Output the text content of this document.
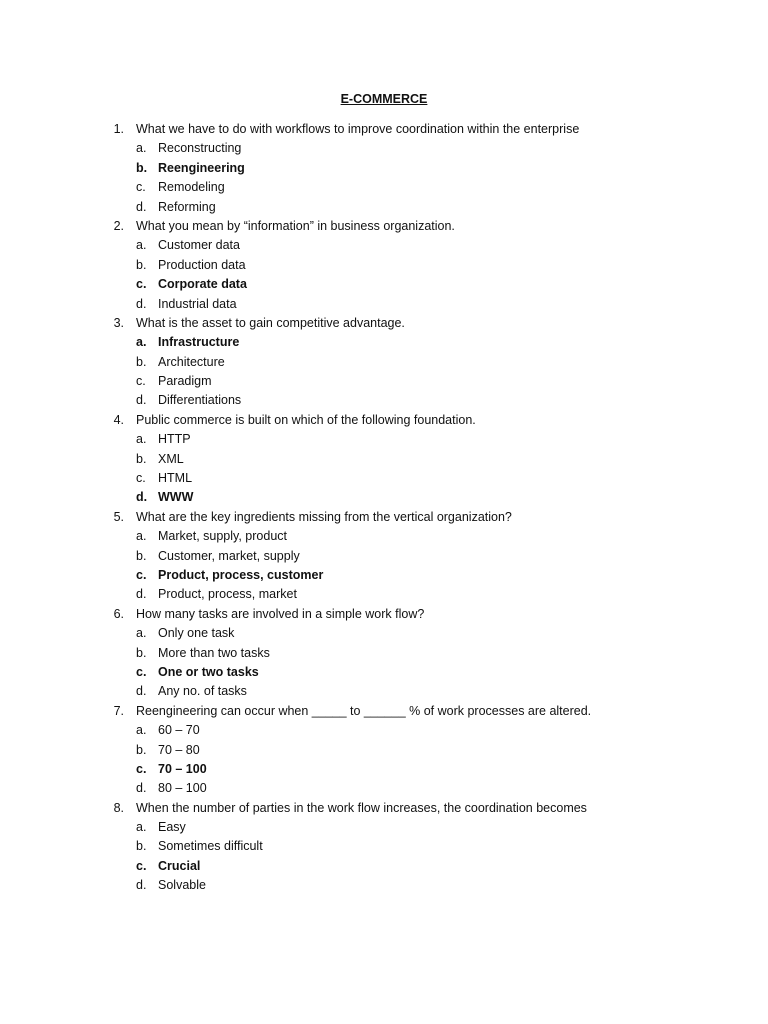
E-COMMERCE
1. What we have to do with workflows to improve coordination within the enterprise
a. Reconstructing
b. Reengineering
c. Remodeling
d. Reforming
2. What you mean by “information” in business organization.
a. Customer data
b. Production data
c. Corporate data
d. Industrial data
3. What is the asset to gain competitive advantage.
a. Infrastructure
b. Architecture
c. Paradigm
d. Differentiations
4. Public commerce is built on which of the following foundation.
a. HTTP
b. XML
c. HTML
d. WWW
5. What are the key ingredients missing from the vertical organization?
a. Market, supply, product
b. Customer, market, supply
c. Product, process, customer
d. Product, process, market
6. How many tasks are involved in a simple work flow?
a. Only one task
b. More than two tasks
c. One or two tasks
d. Any no. of tasks
7. Reengineering can occur when _____ to ______ % of work processes are altered.
a. 60 – 70
b. 70 – 80
c. 70 – 100
d. 80 – 100
8. When the number of parties in the work flow increases, the coordination becomes
a. Easy
b. Sometimes difficult
c. Crucial
d. Solvable
